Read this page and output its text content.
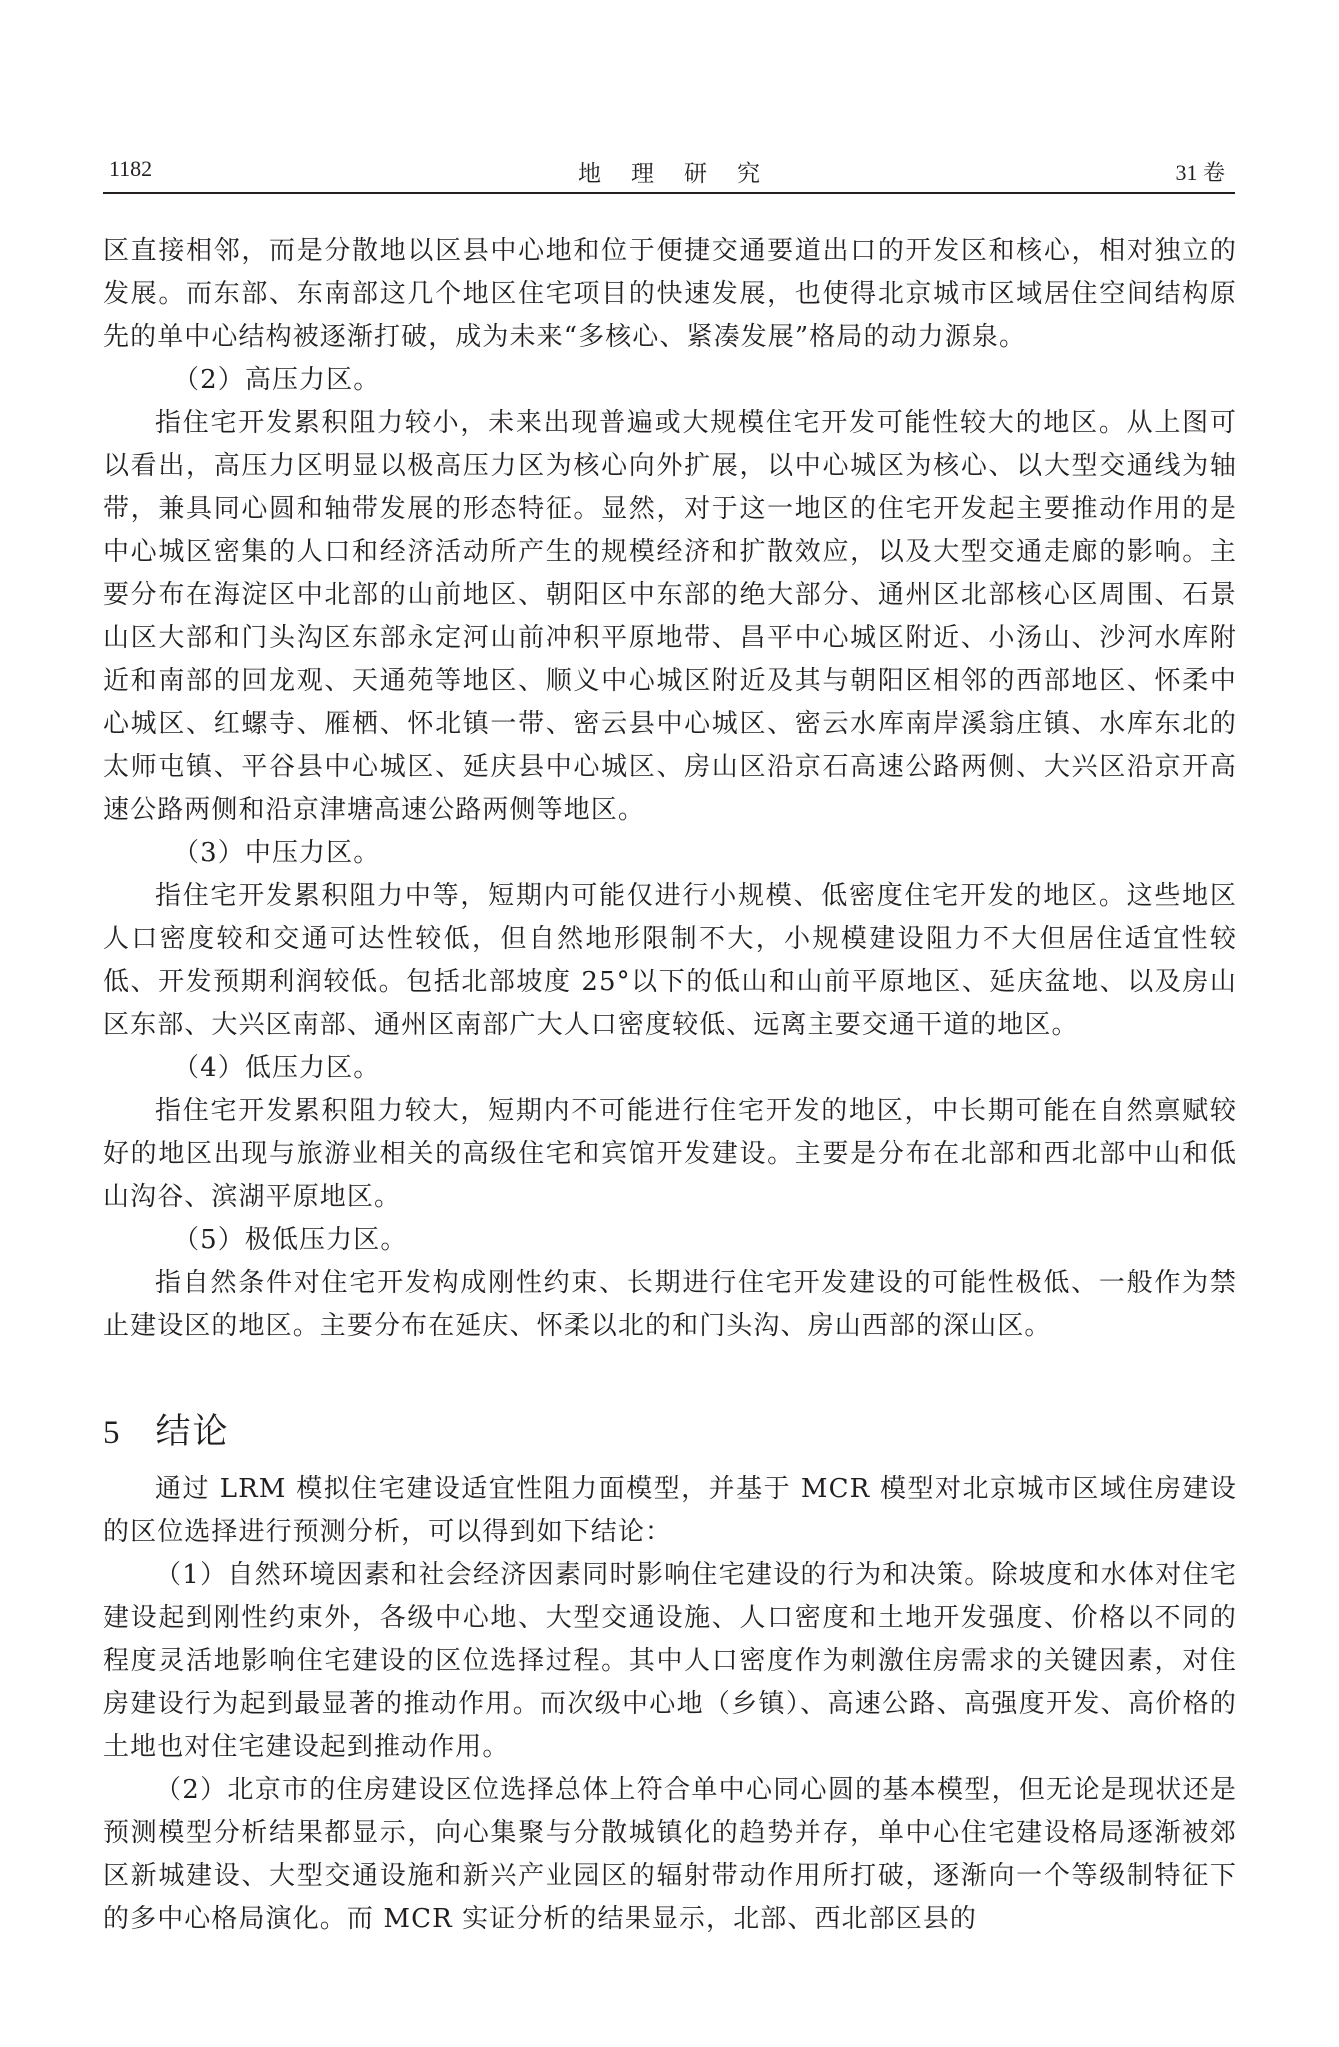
1182	地理研究	31 卷

区直接相邻，而是分散地以区县中心地和位于便捷交通要道出口的开发区和核心，相对独立的发展。而东部、东南部这几个地区住宅项目的快速发展，也使得北京城市区域居住空间结构原先的单中心结构被逐渐打破，成为未来“多核心、紧凑发展”格局的动力源泉。

（2）高压力区。

指住宅开发累积阻力较小，未来出现普遍或大规模住宅开发可能性较大的地区。从上图可以看出，高压力区明显以极高压力区为核心向外扩展，以中心城区为核心、以大型交通线为轴带，兼具同心圆和轴带发展的形态特征。显然，对于这一地区的住宅开发起主要推动作用的是中心城区密集的人口和经济活动所产生的规模经济和扩散效应，以及大型交通走廊的影响。主要分布在海淀区中北部的山前地区、朝阳区中东部的绝大部分、通州区北部核心区周围、石景山区大部和门头沟区东部永定河山前冲积平原地带、昌平中心城区附近、小汤山、沙河水库附近和南部的回龙观、天通苑等地区、顺义中心城区附近及其与朝阳区相邻的西部地区、怀柔中心城区、红螺寺、雁栖、怀北镇一带、密云县中心城区、密云水库南岸溪翁庄镇、水库东北的太师屯镇、平谷县中心城区、延庆县中心城区、房山区沿京石高速公路两侧、大兴区沿京开高速公路两侧和沿京津塘高速公路两侧等地区。

（3）中压力区。

指住宅开发累积阻力中等，短期内可能仅进行小规模、低密度住宅开发的地区。这些地区人口密度较和交通可达性较低，但自然地形限制不大，小规模建设阻力不大但居住适宜性较低、开发预期利润较低。包括北部坡度 25°以下的低山和山前平原地区、延庆盆地、以及房山区东部、大兴区南部、通州区南部广大人口密度较低、远离主要交通干道的地区。

（4）低压力区。

指住宅开发累积阻力较大，短期内不可能进行住宅开发的地区，中长期可能在自然禀赋较好的地区出现与旅游业相关的高级住宅和宾馆开发建设。主要是分布在北部和西北部中山和低山沟谷、滨湖平原地区。

（5）极低压力区。

指自然条件对住宅开发构成刚性约束、长期进行住宅开发建设的可能性极低、一般作为禁止建设区的地区。主要分布在延庆、怀柔以北的和门头沟、房山西部的深山区。

5 结论

通过 LRM 模拟住宅建设适宜性阻力面模型，并基于 MCR 模型对北京城市区域住房建设的区位选择进行预测分析，可以得到如下结论：

（1）自然环境因素和社会经济因素同时影响住宅建设的行为和决策。除坡度和水体对住宅建设起到刚性约束外，各级中心地、大型交通设施、人口密度和土地开发强度、价格以不同的程度灵活地影响住宅建设的区位选择过程。其中人口密度作为刺激住房需求的关键因素，对住房建设行为起到最显著的推动作用。而次级中心地（乡镇）、高速公路、高强度开发、高价格的土地也对住宅建设起到推动作用。

（2）北京市的住房建设区位选择总体上符合单中心同心圆的基本模型，但无论是现状还是预测模型分析结果都显示，向心集聚与分散城镇化的趋势并存，单中心住宅建设格局逐渐被郊区新城建设、大型交通设施和新兴产业园区的辐射带动作用所打破，逐渐向一个等级制特征下的多中心格局演化。而 MCR 实证分析的结果显示，北部、西北部区县的
